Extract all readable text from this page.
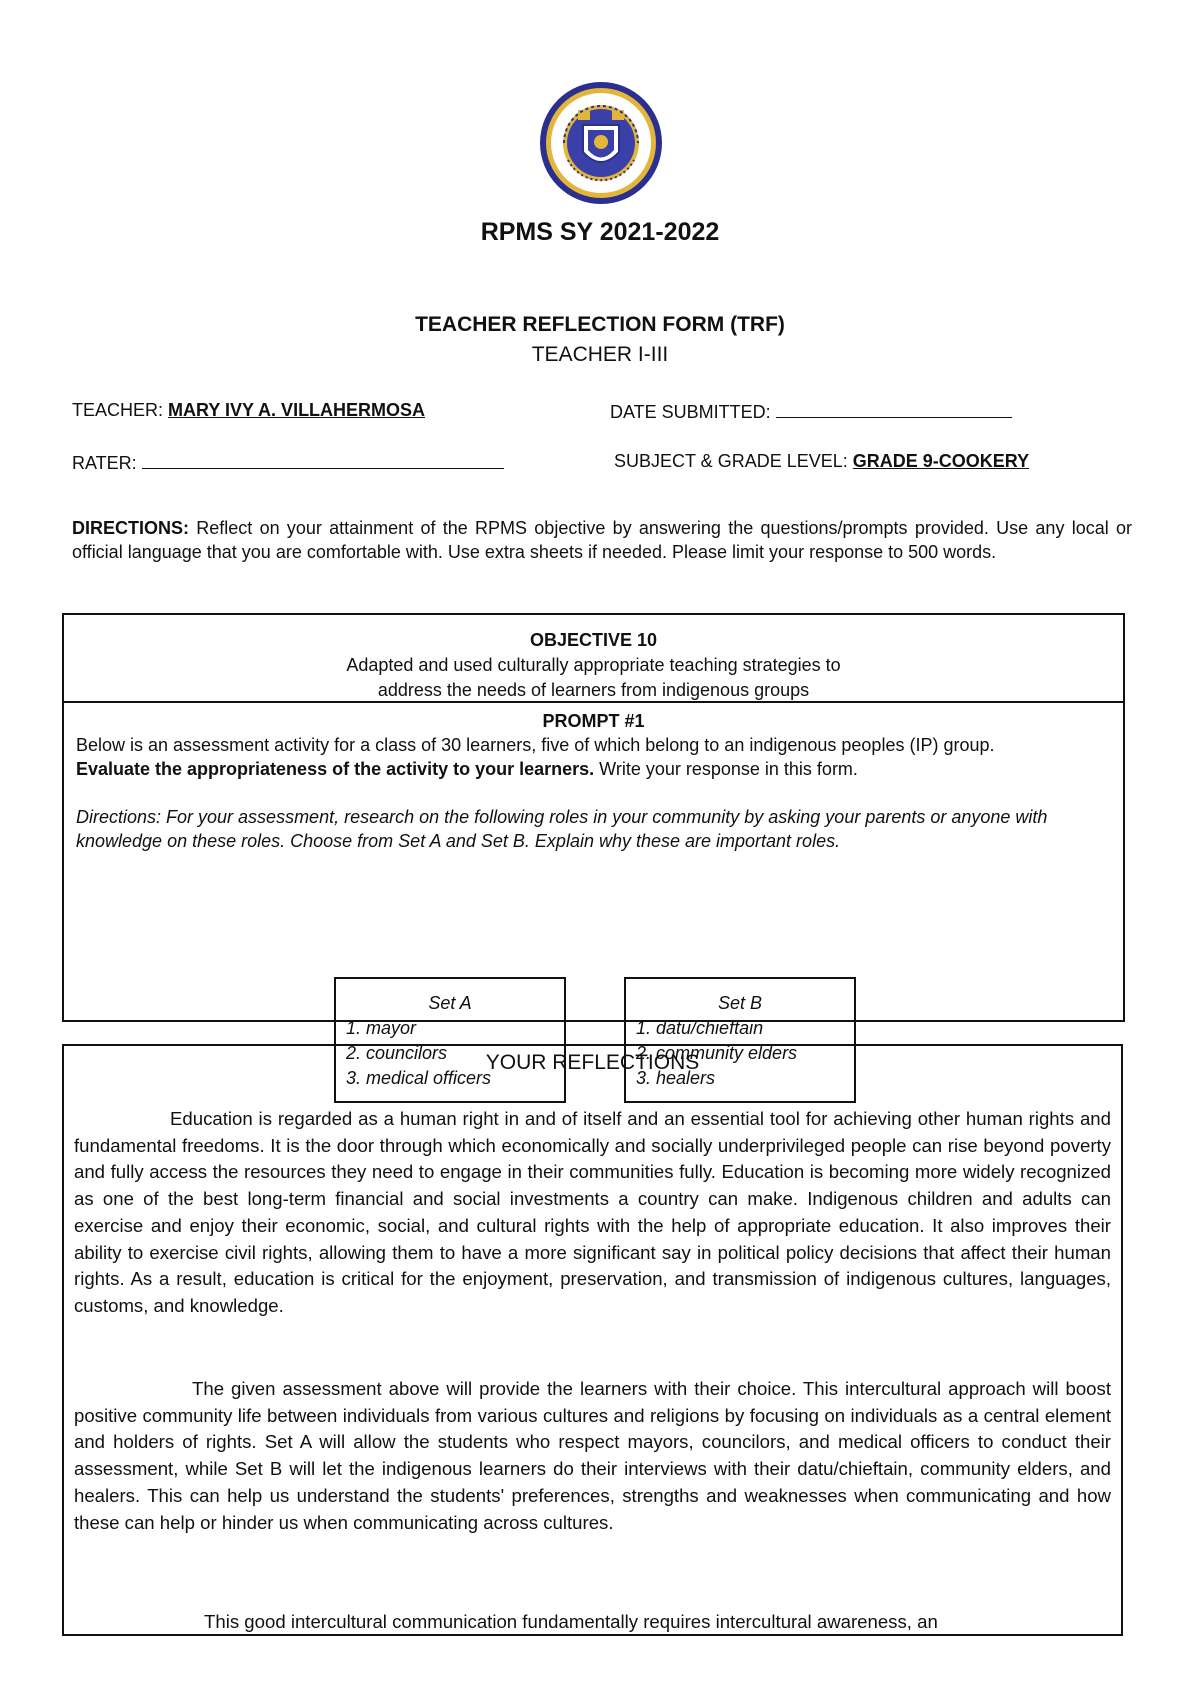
RPMS SY 2021-2022
TEACHER REFLECTION FORM (TRF)
TEACHER I-III
TEACHER: MARY IVY A. VILLAHERMOSA	DATE SUBMITTED:
RATER:	SUBJECT & GRADE LEVEL: GRADE 9-COOKERY
DIRECTIONS: Reflect on your attainment of the RPMS objective by answering the questions/prompts provided. Use any local or official language that you are comfortable with. Use extra sheets if needed. Please limit your response to 500 words.
OBJECTIVE 10
Adapted and used culturally appropriate teaching strategies to
address the needs of learners from indigenous groups
PROMPT #1
Below is an assessment activity for a class of 30 learners, five of which belong to an indigenous peoples (IP) group.
Evaluate the appropriateness of the activity to your learners. Write your response in this form.
Directions: For your assessment, research on the following roles in your community by asking your parents or anyone with knowledge on these roles. Choose from Set A and Set B. Explain why these are important roles.
Set A
1. mayor
2. councilors
3. medical officers
Set B
1. datu/chieftain
2. community elders
3. healers
YOUR REFLECTIONS
Education is regarded as a human right in and of itself and an essential tool for achieving other human rights and fundamental freedoms. It is the door through which economically and socially underprivileged people can rise beyond poverty and fully access the resources they need to engage in their communities fully. Education is becoming more widely recognized as one of the best long-term financial and social investments a country can make. Indigenous children and adults can exercise and enjoy their economic, social, and cultural rights with the help of appropriate education. It also improves their ability to exercise civil rights, allowing them to have a more significant say in political policy decisions that affect their human rights. As a result, education is critical for the enjoyment, preservation, and transmission of indigenous cultures, languages, customs, and knowledge.
The given assessment above will provide the learners with their choice. This intercultural approach will boost positive community life between individuals from various cultures and religions by focusing on individuals as a central element and holders of rights. Set A will allow the students who respect mayors, councilors, and medical officers to conduct their assessment, while Set B will let the indigenous learners do their interviews with their datu/chieftain, community elders, and healers. This can help us understand the students' preferences, strengths and weaknesses when communicating and how these can help or hinder us when communicating across cultures.
This good intercultural communication fundamentally requires intercultural awareness, an
